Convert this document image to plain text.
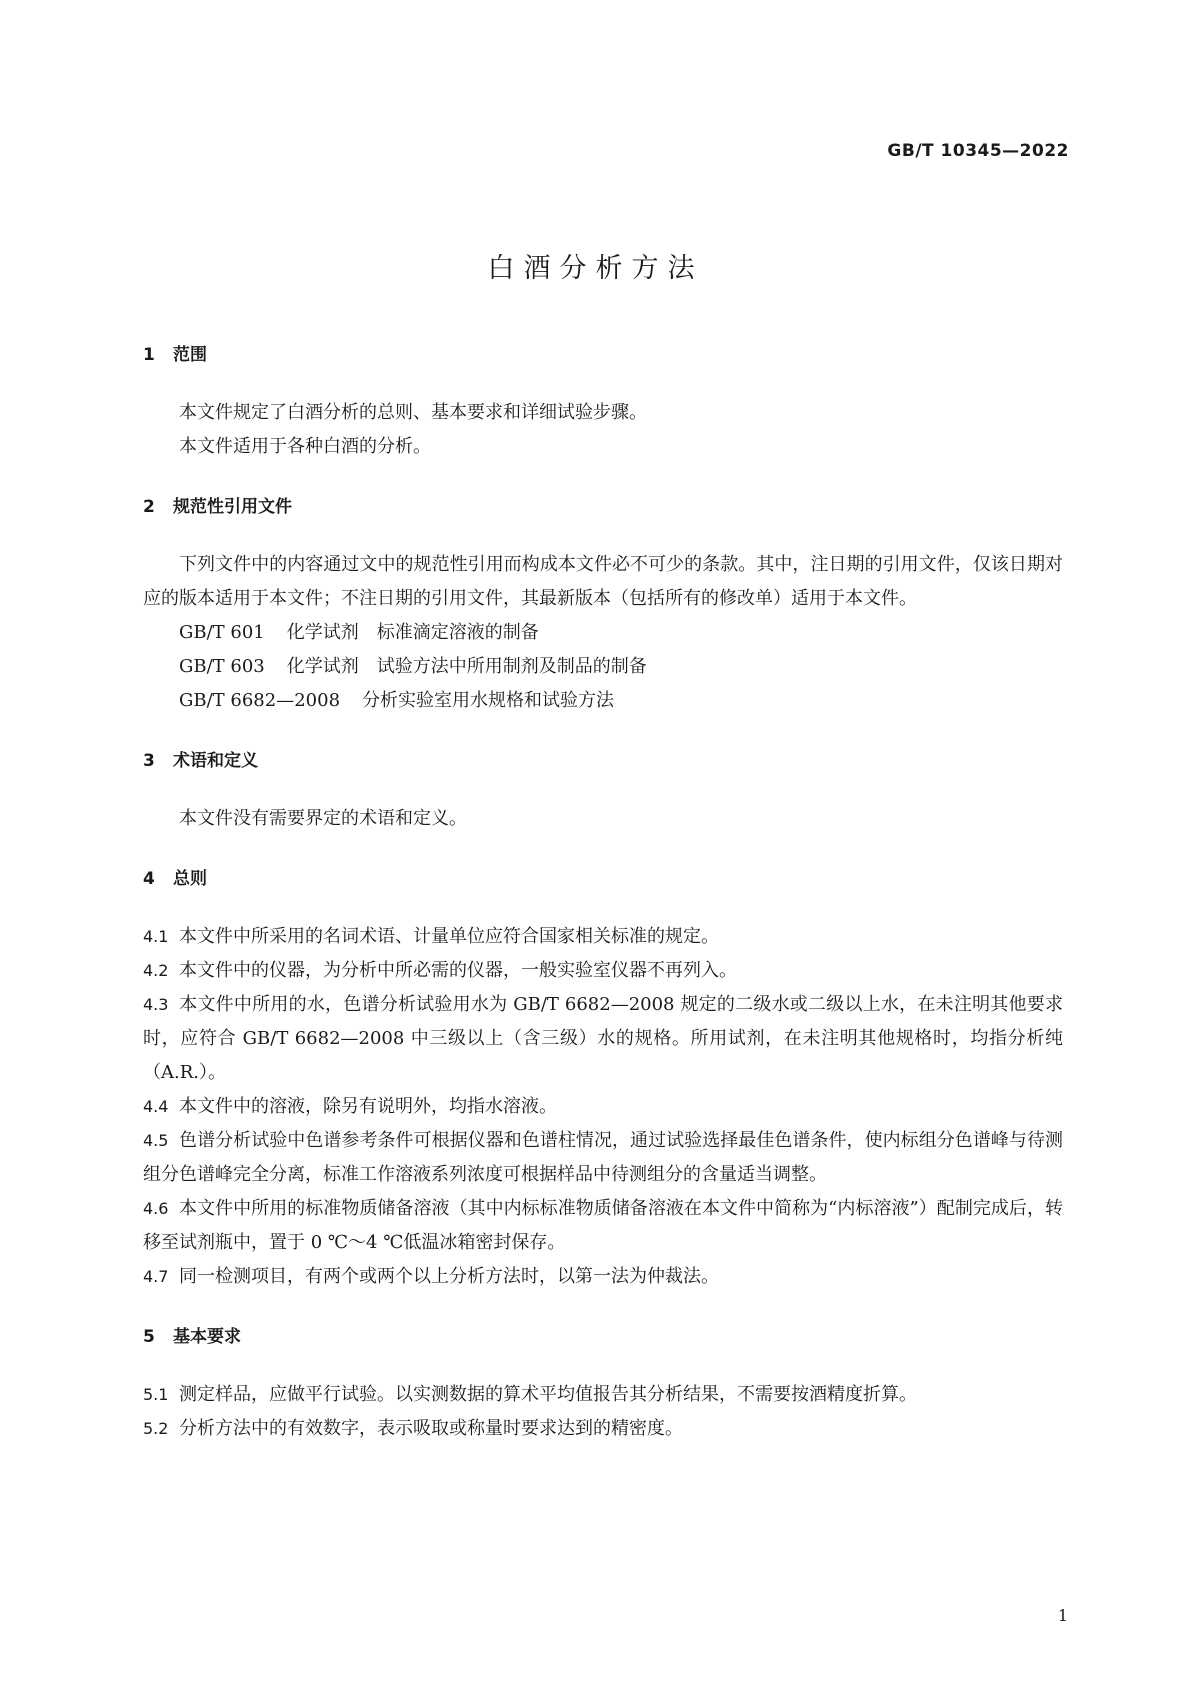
GB/T 10345—2022
白酒分析方法
1 范围

本文件规定了白酒分析的总则、基本要求和详细试验步骤。

本文件适用于各种白酒的分析。

2 规范性引用文件

下列文件中的内容通过文中的规范性引用而构成本文件必不可少的条款。其中，注日期的引用文件，仅该日期对应的版本适用于本文件；不注日期的引用文件，其最新版本（包括所有的修改单）适用于本文件。

GB/T 601 化学试剂　标准滴定溶液的制备

GB/T 603 化学试剂　试验方法中所用制剂及制品的制备

GB/T 6682—2008 分析实验室用水规格和试验方法

3 术语和定义

本文件没有需要界定的术语和定义。

4 总则

4.1 本文件中所采用的名词术语、计量单位应符合国家相关标准的规定。

4.2 本文件中的仪器，为分析中所必需的仪器，一般实验室仪器不再列入。

4.3 本文件中所用的水，色谱分析试验用水为 GB/T 6682—2008 规定的二级水或二级以上水，在未注明其他要求时，应符合 GB/T 6682—2008 中三级以上（含三级）水的规格。所用试剂，在未注明其他规格时，均指分析纯（A.R.）。

4.4 本文件中的溶液，除另有说明外，均指水溶液。

4.5 色谱分析试验中色谱参考条件可根据仪器和色谱柱情况，通过试验选择最佳色谱条件，使内标组分色谱峰与待测组分色谱峰完全分离，标准工作溶液系列浓度可根据样品中待测组分的含量适当调整。

4.6 本文件中所用的标准物质储备溶液（其中内标标准物质储备溶液在本文件中简称为“内标溶液”）配制完成后，转移至试剂瓶中，置于 0 ℃～4 ℃低温冰箱密封保存。

4.7 同一检测项目，有两个或两个以上分析方法时，以第一法为仲裁法。

5 基本要求

5.1 测定样品，应做平行试验。以实测数据的算术平均值报告其分析结果，不需要按酒精度折算。

5.2 分析方法中的有效数字，表示吸取或称量时要求达到的精密度。

1
